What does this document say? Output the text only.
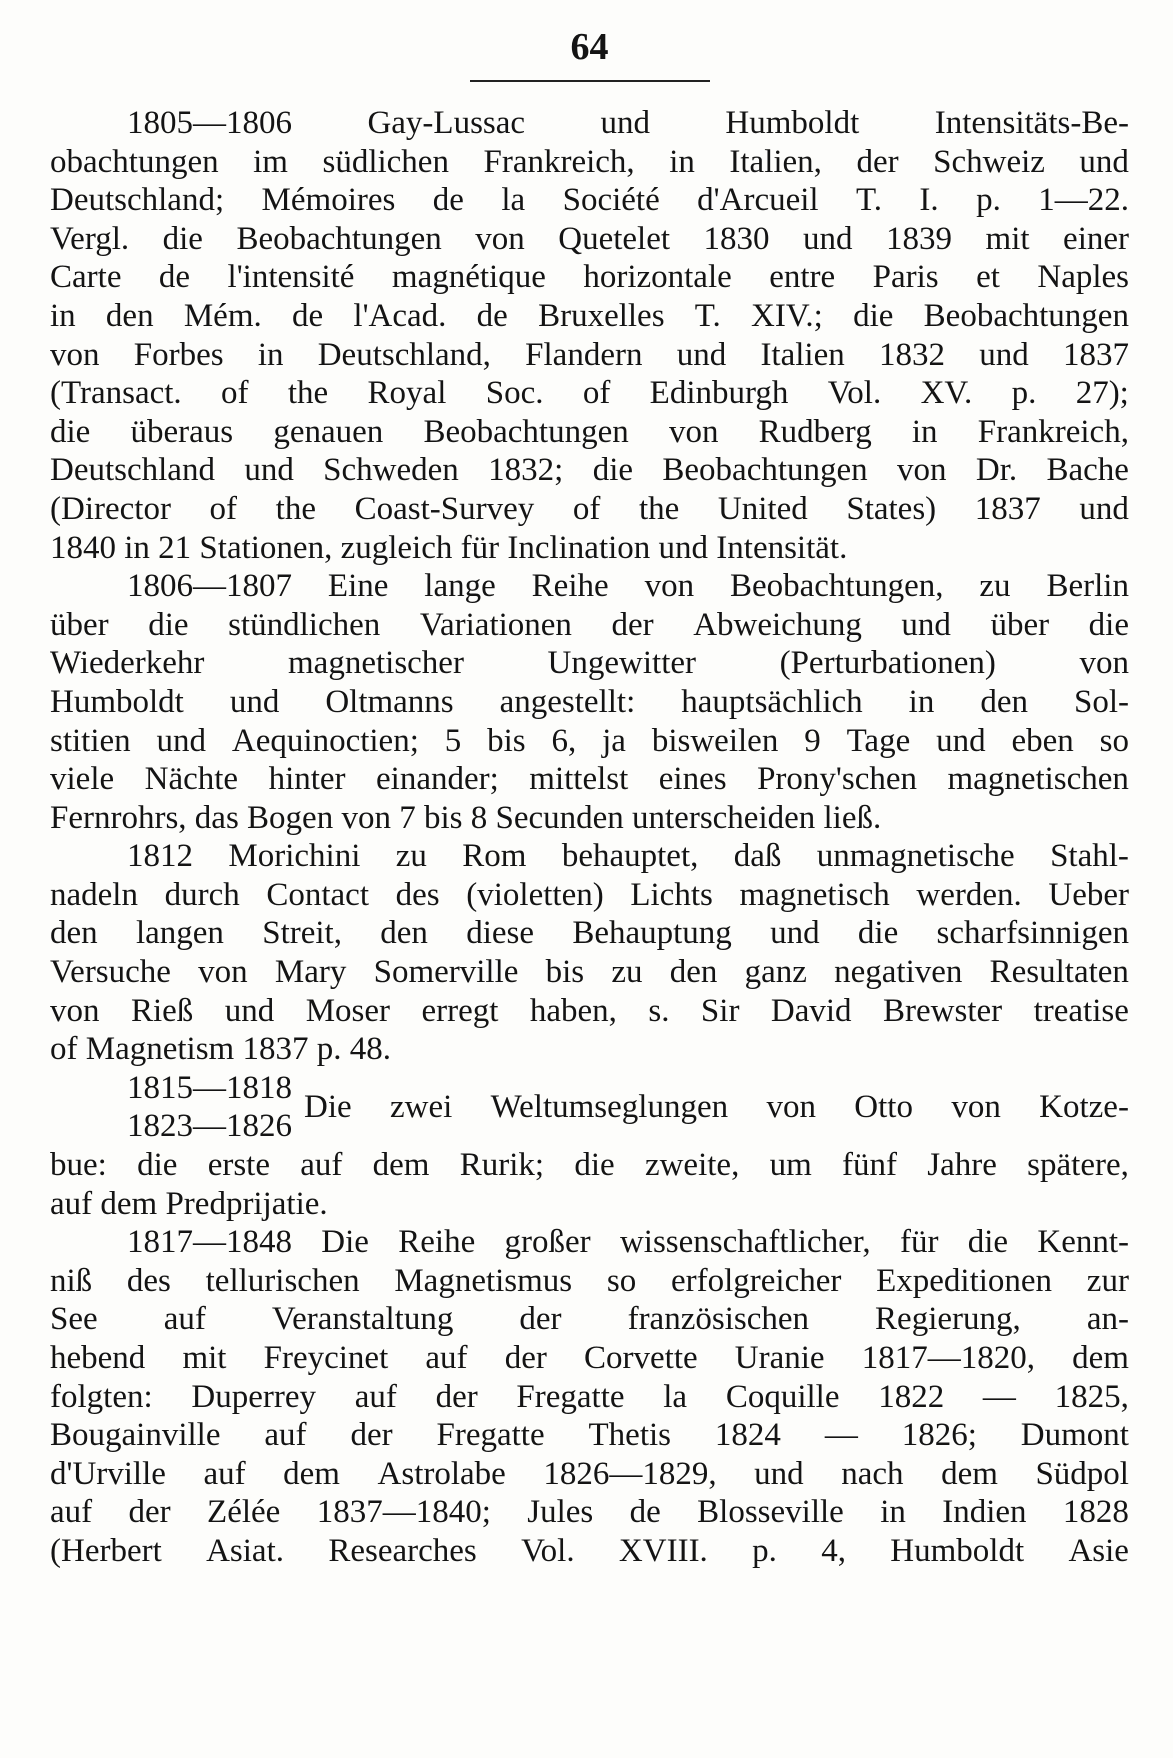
64
1805—1806 Gay-Lussac und Humboldt Intensitäts-Be-
obachtungen im südlichen Frankreich, in Italien, der Schweiz und
Deutschland; Mémoires de la Société d'Arcueil T. I. p. 1—22.
Vergl. die Beobachtungen von Quetelet 1830 und 1839 mit einer
Carte de l'intensité magnétique horizontale entre Paris et Naples
in den Mém. de l'Acad. de Bruxelles T. XIV.; die Beobachtungen
von Forbes in Deutschland, Flandern und Italien 1832 und 1837
(Transact. of the Royal Soc. of Edinburgh Vol. XV. p. 27);
die überaus genauen Beobachtungen von Rudberg in Frankreich,
Deutschland und Schweden 1832; die Beobachtungen von Dr. Bache
(Director of the Coast-Survey of the United States) 1837 und
1840 in 21 Stationen, zugleich für Inclination und Intensität.
1806—1807 Eine lange Reihe von Beobachtungen, zu Berlin
über die stündlichen Variationen der Abweichung und über die
Wiederkehr	magnetischer	Ungewitter	(Perturbationen)	von
Humboldt und Oltmanns angestellt: hauptsächlich in den Sol-
stitien und Aequinoctien; 5 bis 6, ja bisweilen 9 Tage und eben so
viele Nächte hinter einander; mittelst eines Prony'schen magnetischen
Fernrohrs, das Bogen von 7 bis 8 Secunden unterscheiden ließ.
1812 Morichini zu Rom behauptet, daß unmagnetische Stahl-
nadeln durch Contact des (violetten) Lichts magnetisch werden. Ueber
den langen Streit, den diese Behauptung und die scharfsinnigen
Versuche von Mary Somerville bis zu den ganz negativen Resultaten
von Rieß und Moser erregt haben, s. Sir David Brewster treatise
of Magnetism 1837 p. 48.
1815—1818
1823—1826
Die zwei Weltumseglungen von Otto von Kotze-
bue: die erste auf dem Rurik; die zweite, um fünf Jahre spätere,
auf dem Predprijatie.
1817—1848 Die Reihe großer wissenschaftlicher, für die Kennt-
niß des tellurischen Magnetismus so erfolgreicher Expeditionen zur
See auf Veranstaltung der französischen Regierung, an-
hebend mit Freycinet auf der Corvette Uranie 1817—1820, dem
folgten: Duperrey auf der Fregatte la Coquille 1822 — 1825,
Bougainville auf der Fregatte Thetis 1824 — 1826; Dumont
d'Urville auf dem Astrolabe 1826—1829, und nach dem Südpol
auf der Zélée 1837—1840; Jules de Blosseville in Indien 1828
(Herbert Asiat. Researches Vol. XVIII. p. 4, Humboldt Asie
